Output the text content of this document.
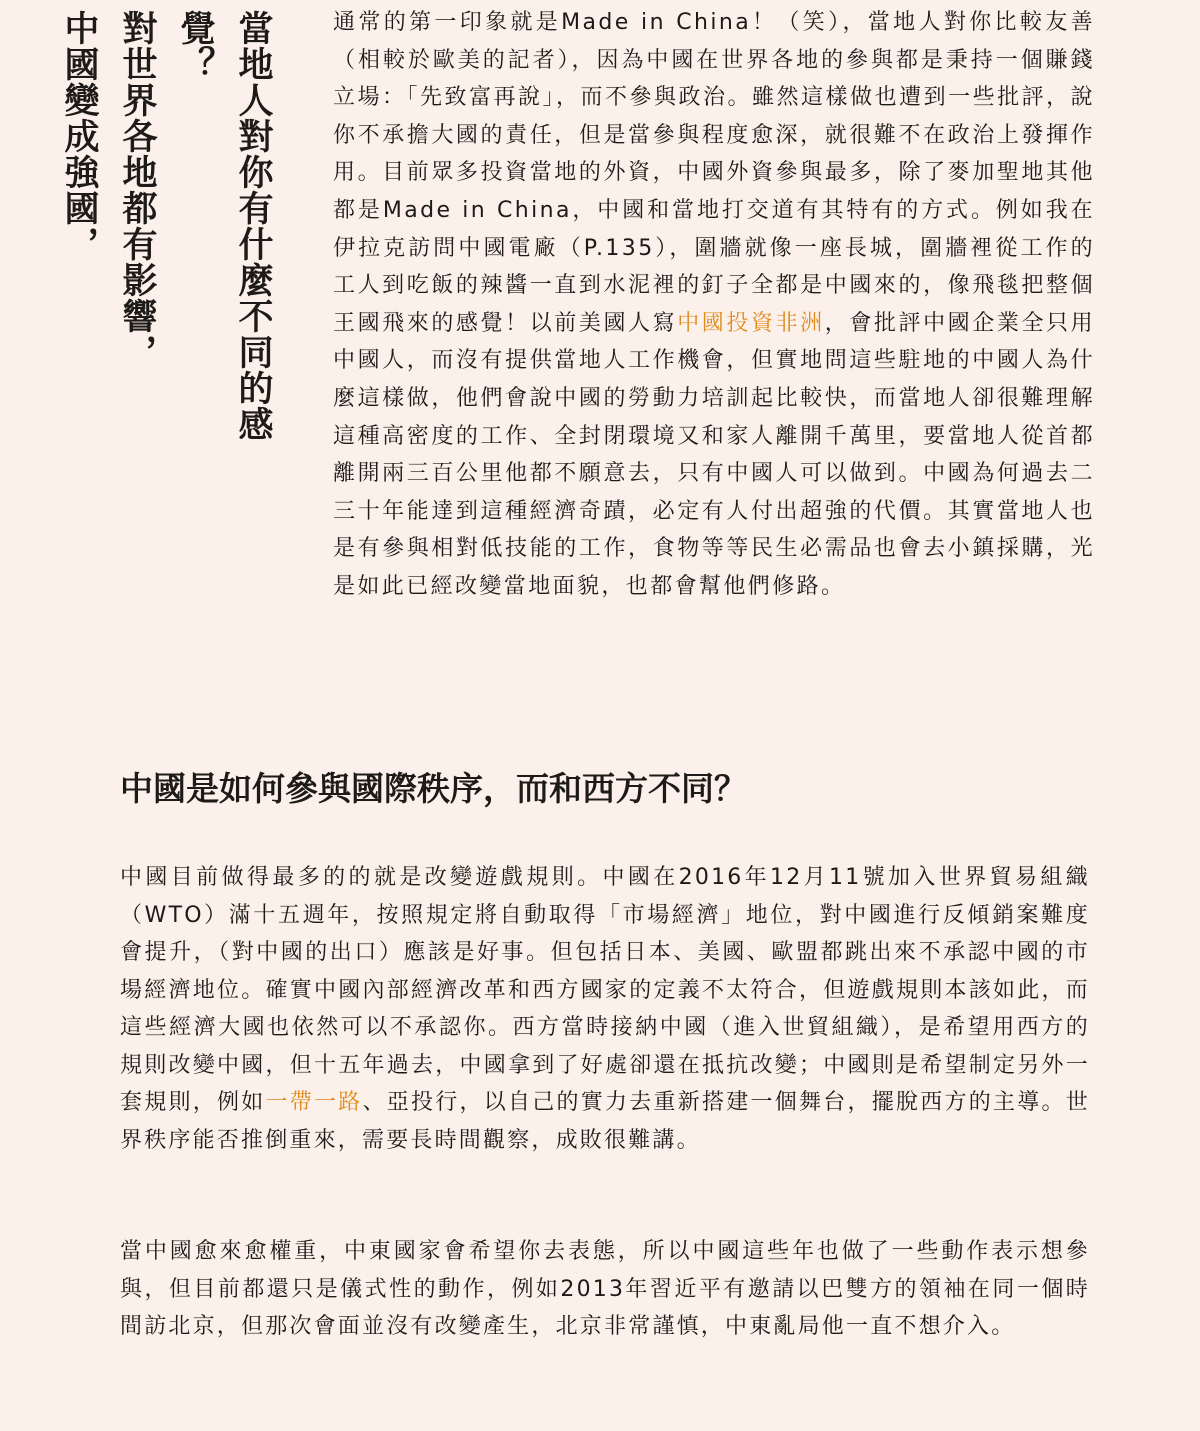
當地人對你有什麼不同的感覺？
對世界各地都有影響，
中國變成強國，	通常的第一印象就是Made in China！（笑），當地人對你比較友善（相較於歐美的記者），因為中國在世界各地的參與都是秉持一個賺錢立場：「先致富再說」，而不參與政治。雖然這樣做也遭到一些批評，說你不承擔大國的責任，但是當參與程度愈深，就很難不在政治上發揮作用。目前眾多投資當地的外資，中國外資參與最多，除了麥加聖地其他都是Made in China，中國和當地打交道有其特有的方式。例如我在伊拉克訪問中國電廠（P.135），圍牆就像一座長城，圍牆裡從工作的工人到吃飯的辣醬一直到水泥裡的釘子全都是中國來的，像飛毯把整個王國飛來的感覺！以前美國人寫中國投資非洲，會批評中國企業全只用中國人，而沒有提供當地人工作機會，但實地問這些駐地的中國人為什麼這樣做，他們會說中國的勞動力培訓起比較快，而當地人卻很難理解這種高密度的工作、全封閉環境又和家人離開千萬里，要當地人從首都離開兩三百公里他都不願意去，只有中國人可以做到。中國為何過去二三十年能達到這種經濟奇蹟，必定有人付出超強的代價。其實當地人也是有參與相對低技能的工作，食物等等民生必需品也會去小鎮採購，光是如此已經改變當地面貌，也都會幫他們修路。

中國是如何參與國際秩序，而和西方不同？

中國目前做得最多的的就是改變遊戲規則。中國在2016年12月11號加入世界貿易組織（WTO）滿十五週年，按照規定將自動取得「市場經濟」地位，對中國進行反傾銷案難度會提升，（對中國的出口）應該是好事。但包括日本、美國、歐盟都跳出來不承認中國的市場經濟地位。確實中國內部經濟改革和西方國家的定義不太符合，但遊戲規則本該如此，而這些經濟大國也依然可以不承認你。西方當時接納中國（進入世貿組織），是希望用西方的規則改變中國，但十五年過去，中國拿到了好處卻還在抵抗改變；中國則是希望制定另外一套規則，例如一帶一路、亞投行，以自己的實力去重新搭建一個舞台，擺脫西方的主導。世界秩序能否推倒重來，需要長時間觀察，成敗很難講。

當中國愈來愈權重，中東國家會希望你去表態，所以中國這些年也做了一些動作表示想參與，但目前都還只是儀式性的動作，例如2013年習近平有邀請以巴雙方的領袖在同一個時間訪北京，但那次會面並沒有改變產生，北京非常謹慎，中東亂局他一直不想介入。
